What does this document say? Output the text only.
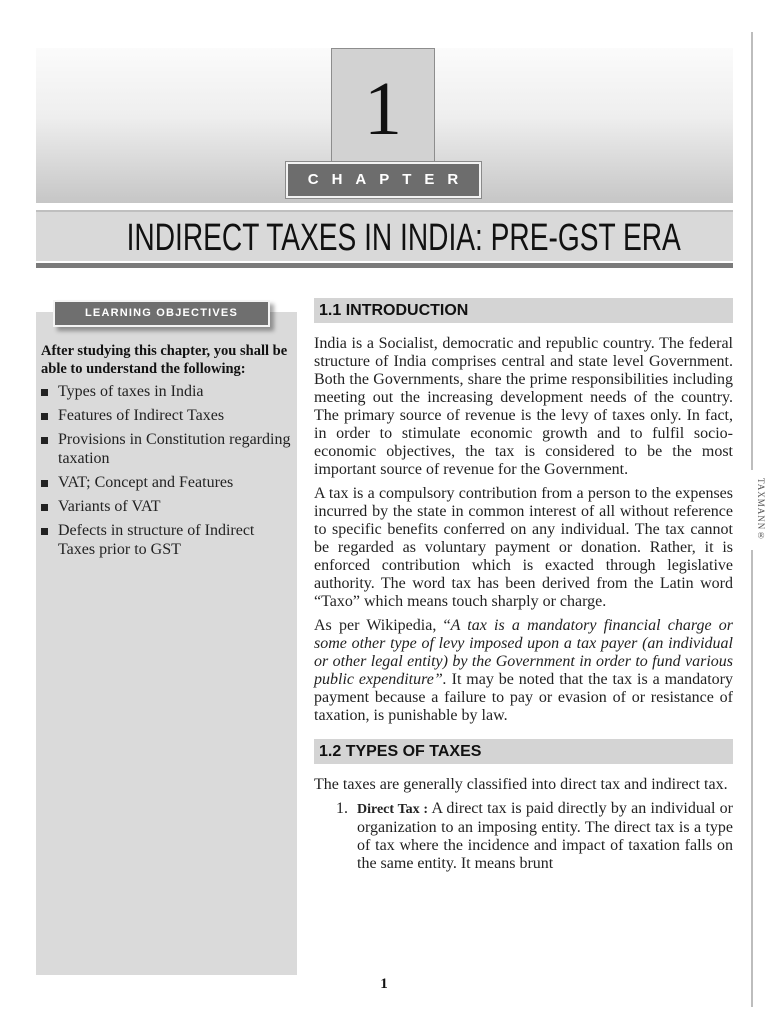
TAXMANN®
1
CHAPTER
INDIRECT TAXES IN INDIA: PRE-GST ERA
LEARNING OBJECTIVES
After studying this chapter, you shall be able to understand the following:
Types of taxes in India
Features of Indirect Taxes
Provisions in Constitution regarding taxation
VAT; Concept and Features
Variants of VAT
Defects in structure of Indirect Taxes prior to GST
1.1 INTRODUCTION

India is a Socialist, democratic and republic country. The federal structure of India comprises central and state level Government. Both the Governments, share the prime responsibilities including meeting out the increasing development needs of the country. The primary source of revenue is the levy of taxes only. In fact, in order to stimulate economic growth and to fulfil socio-economic objectives, the tax is considered to be the most important source of revenue for the Government.

A tax is a compulsory contribution from a person to the expenses incurred by the state in common interest of all without reference to specific benefits conferred on any individual. The tax cannot be regarded as voluntary payment or donation. Rather, it is enforced contribution which is exacted through legislative authority. The word tax has been derived from the Latin word “Taxo” which means touch sharply or charge.

As per Wikipedia, “A tax is a mandatory financial charge or some other type of levy imposed upon a tax payer (an individual or other legal entity) by the Government in order to fund various public expenditure”. It may be noted that the tax is a mandatory payment because a failure to pay or evasion of or resistance of taxation, is punishable by law.

1.2 TYPES OF TAXES

The taxes are generally classified into direct tax and indirect tax.

1. Direct Tax : A direct tax is paid directly by an individual or organization to an imposing entity. The direct tax is a type of tax where the incidence and impact of taxation falls on the same entity. It means brunt

1
